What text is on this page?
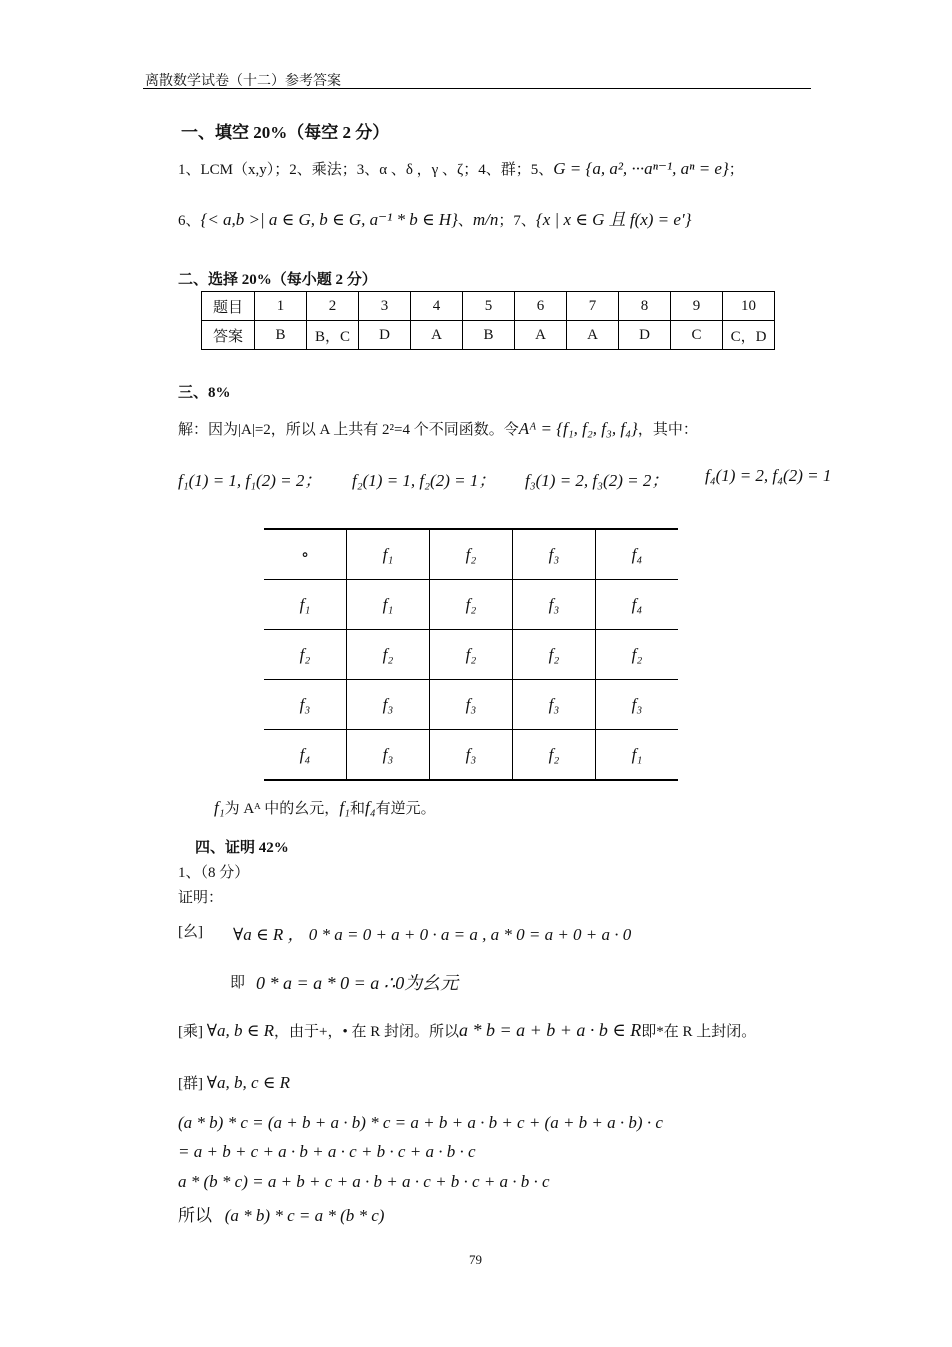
离散数学试卷（十二）参考答案
一、填空 20%（每空 2 分）
1、LCM（x,y）；2、乘法；3、α 、δ ，γ 、ζ；4、群；5、G = {a, a², ···aⁿ⁻¹, aⁿ = e}；
6、{< a,b >| a ∈ G, b ∈ G, a⁻¹ * b ∈ H}、m/n；7、{x | x ∈ G 且 f(x) = e′}
二、选择 20%（每小题 2 分）
题目	1	2	3	4	5	6	7	8	9	10
答案	B	B，C	D	A	B	A	A	D	C	C，D
三、8%
解：因为|A|=2，所以 A 上共有 2²=4 个不同函数。令Aᴬ = {f₁, f₂, f₃, f₄}，其中：
f₁(1) = 1, f₁(2) = 2； f₂(1) = 1, f₂(2) = 1； f₃(1) = 2, f₃(2) = 2； f₄(1) = 2, f₄(2) = 1
∘	f₁	f₂	f₃	f₄
f₁	f₁	f₂	f₃	f₄
f₂	f₂	f₂	f₂	f₂
f₃	f₃	f₃	f₃	f₃
f₄	f₃	f₃	f₂	f₁
f₁为 Aᴬ 中的幺元，f₁和f₄有逆元。
四、证明 42%
1、（8 分）
证明：
[幺] ∀a ∈ R ， 0 * a = 0 + a + 0 · a = a , a * 0 = a + 0 + a · 0
即 0 * a = a * 0 = a ∴0为幺元
[乘] ∀a, b ∈ R，由于+，• 在 R 封闭。所以a * b = a + b + a · b ∈ R即*在 R 上封闭。
[群] ∀a, b, c ∈ R
(a * b) * c = (a + b + a · b) * c = a + b + a · b + c + (a + b + a · b) · c
= a + b + c + a · b + a · c + b · c + a · b · c
a * (b * c) = a + b + c + a · b + a · c + b · c + a · b · c
所以 (a * b) * c = a * (b * c)
79
